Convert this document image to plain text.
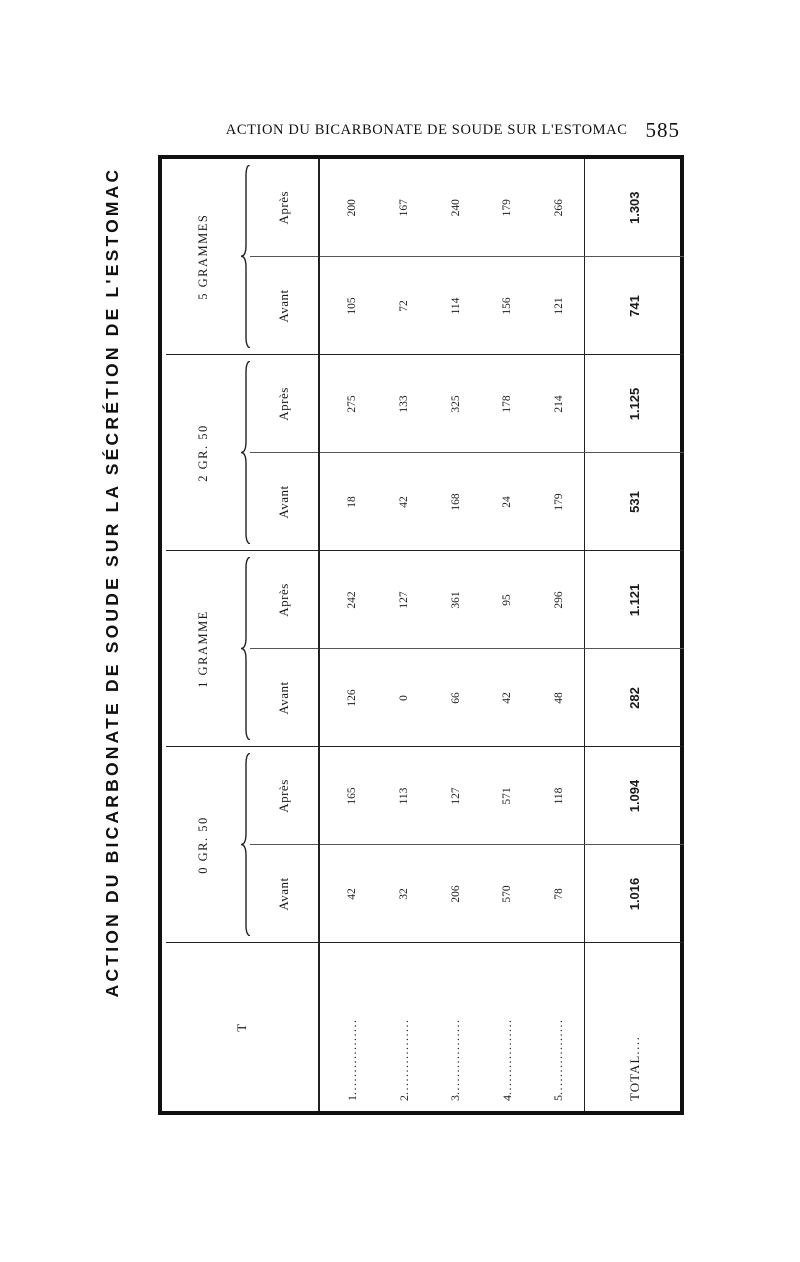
ACTION DU BICARBONATE DE SOUDE SUR L'ESTOMAC 585
ACTION DU BICARBONATE DE SOUDE SUR LA SÉCRÉTION DE L'ESTOMAC
T	0 GR. 50		1 GRAMME		2 GR. 50		5 GRAMMES	

	Avant	Après	Avant	Après	Avant	Après	Avant	Après
1.................	42	165	126	242	18	275	105	200
2.................	32	113	0	127	42	133	72	167
3.................	206	127	66	361	168	325	114	240
4.................	570	571	42	95	24	178	156	179
5.................	78	118	48	296	179	214	121	266
TOTAL....	1.016	1.094	282	1.121	531	1.125	741	1.303
